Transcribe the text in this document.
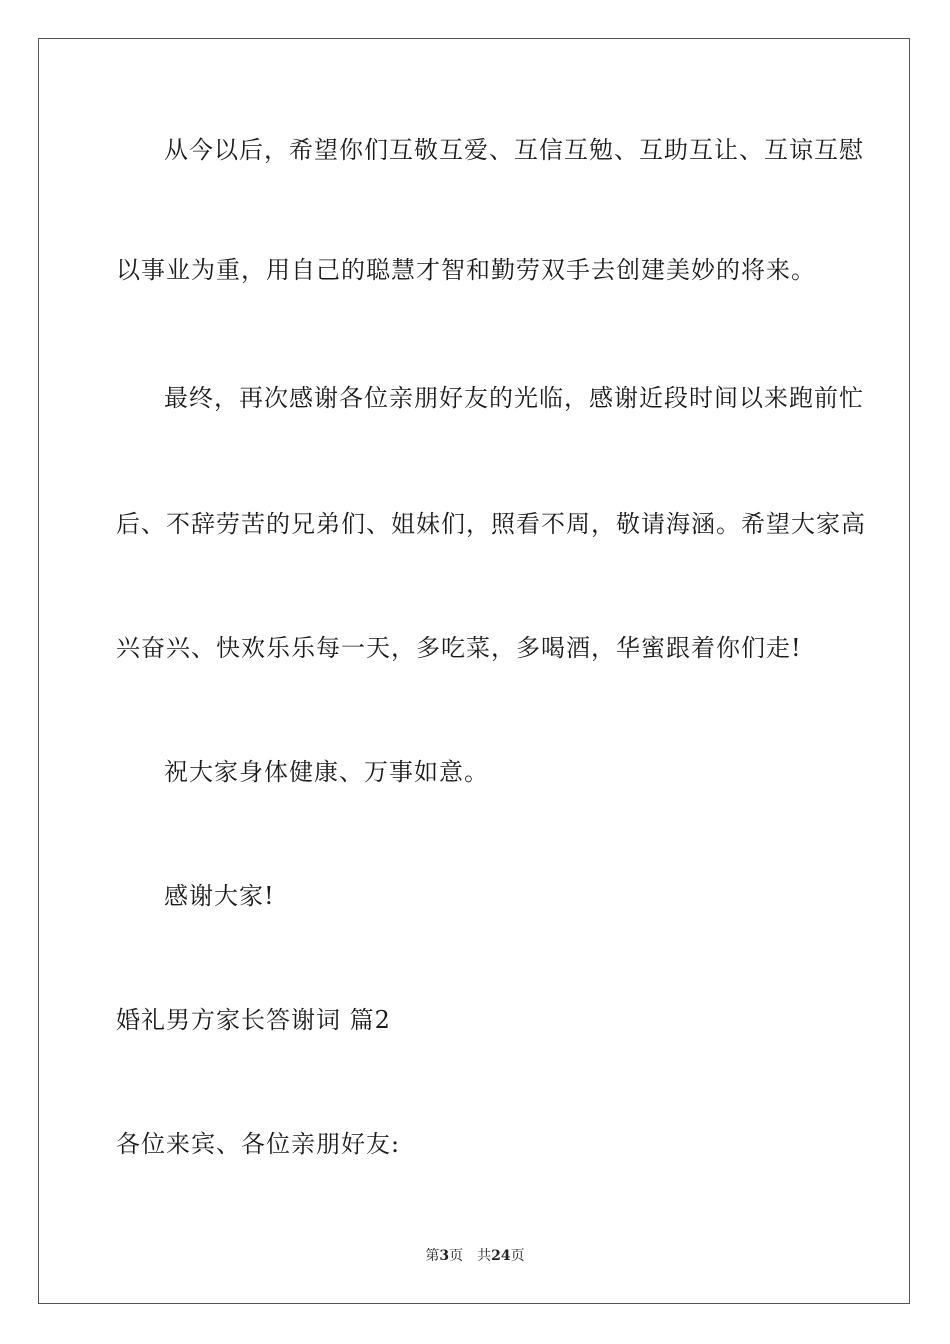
从今以后，希望你们互敬互爱、互信互勉、互助互让、互谅互慰
以事业为重，用自己的聪慧才智和勤劳双手去创建美妙的将来。
最终，再次感谢各位亲朋好友的光临，感谢近段时间以来跑前忙
后、不辞劳苦的兄弟们、姐妹们，照看不周，敬请海涵。希望大家高
兴奋兴、快欢乐乐每一天，多吃菜，多喝酒，华蜜跟着你们走!
祝大家身体健康、万事如意。
感谢大家!
婚礼男方家长答谢词 篇2
各位来宾、各位亲朋好友:
第3页 共24页
